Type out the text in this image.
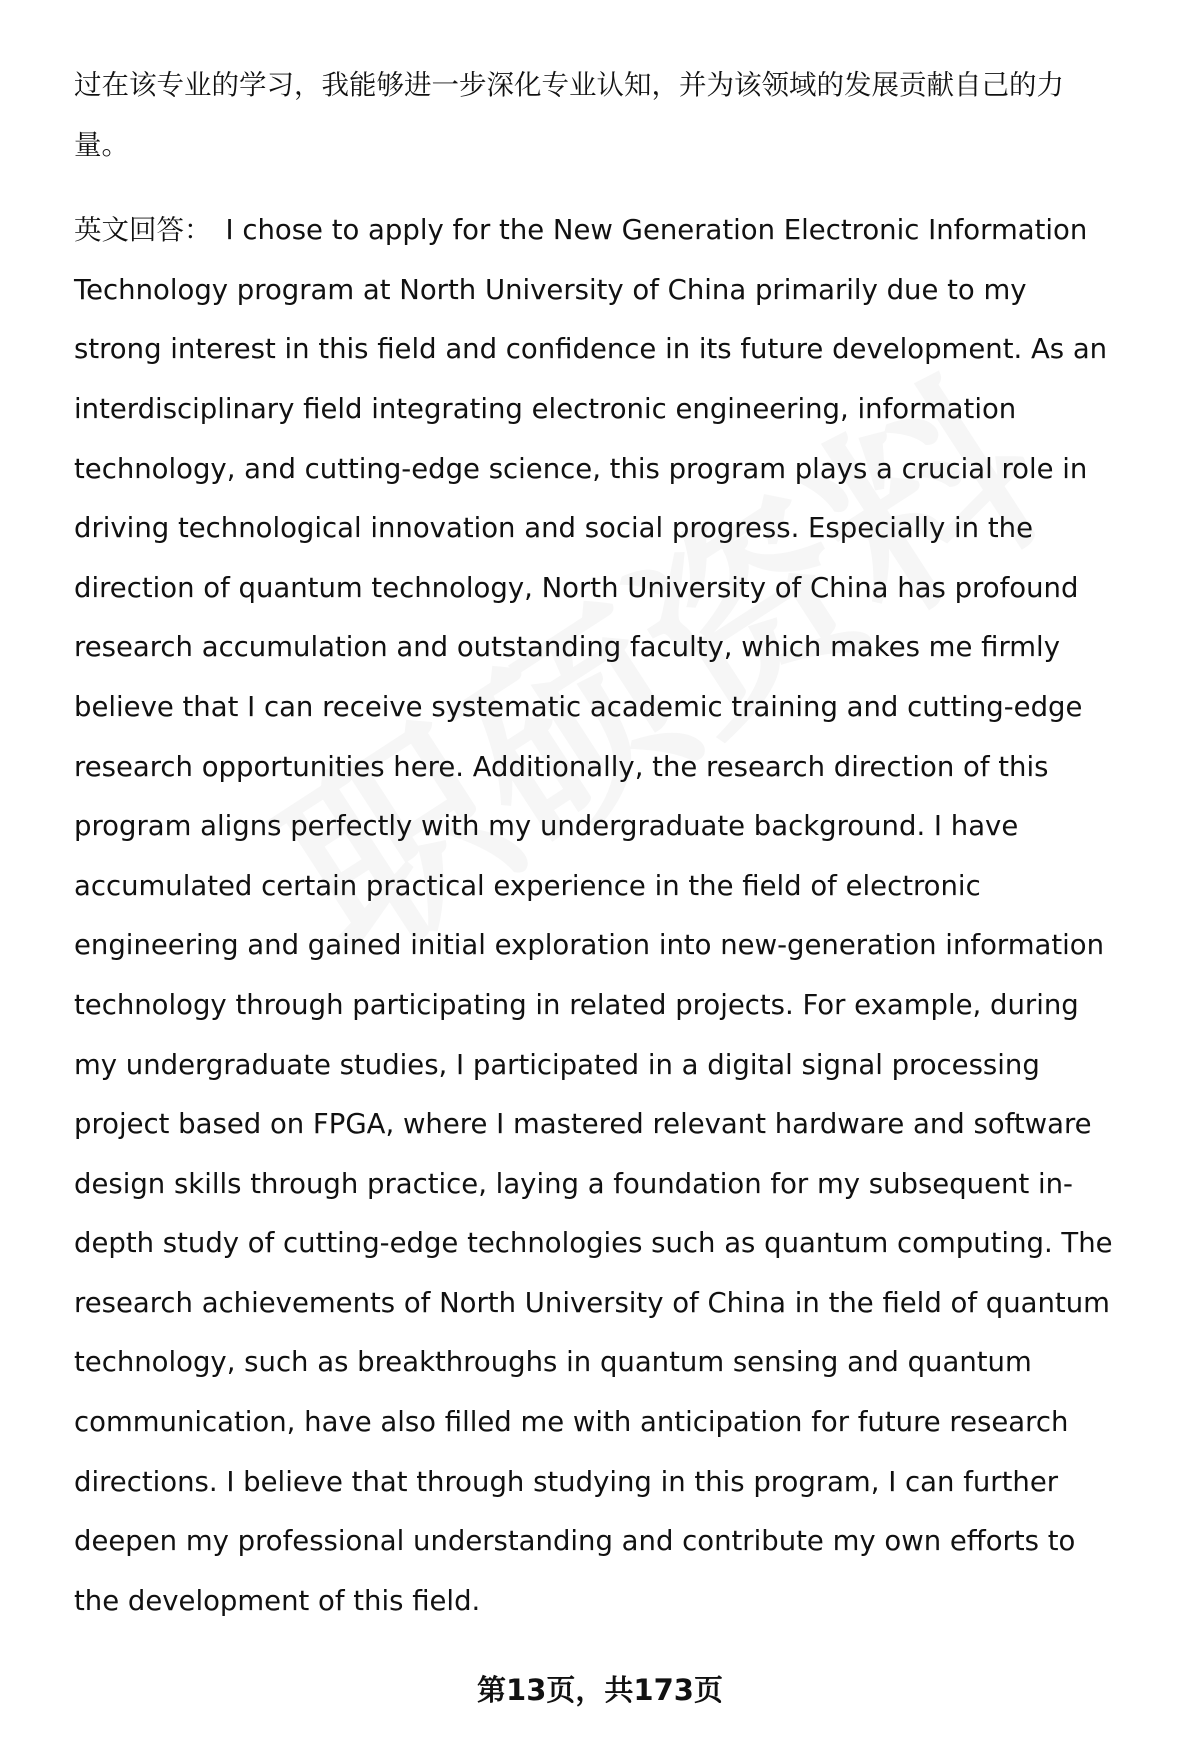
过在该专业的学习，我能够进一步深化专业认知，并为该领域的发展贡献自己的力
量。

英文回答： I chose to apply for the New Generation Electronic Information
Technology program at North University of China primarily due to my
strong interest in this field and confidence in its future development. As an
interdisciplinary field integrating electronic engineering, information
technology, and cutting-edge science, this program plays a crucial role in
driving technological innovation and social progress. Especially in the
direction of quantum technology, North University of China has profound
research accumulation and outstanding faculty, which makes me firmly
believe that I can receive systematic academic training and cutting-edge
research opportunities here. Additionally, the research direction of this
program aligns perfectly with my undergraduate background. I have
accumulated certain practical experience in the field of electronic
engineering and gained initial exploration into new-generation information
technology through participating in related projects. For example, during
my undergraduate studies, I participated in a digital signal processing
project based on FPGA, where I mastered relevant hardware and software
design skills through practice, laying a foundation for my subsequent in-
depth study of cutting-edge technologies such as quantum computing. The
research achievements of North University of China in the field of quantum
technology, such as breakthroughs in quantum sensing and quantum
communication, have also filled me with anticipation for future research
directions. I believe that through studying in this program, I can further
deepen my professional understanding and contribute my own efforts to
the development of this field.

第13页，共173页
